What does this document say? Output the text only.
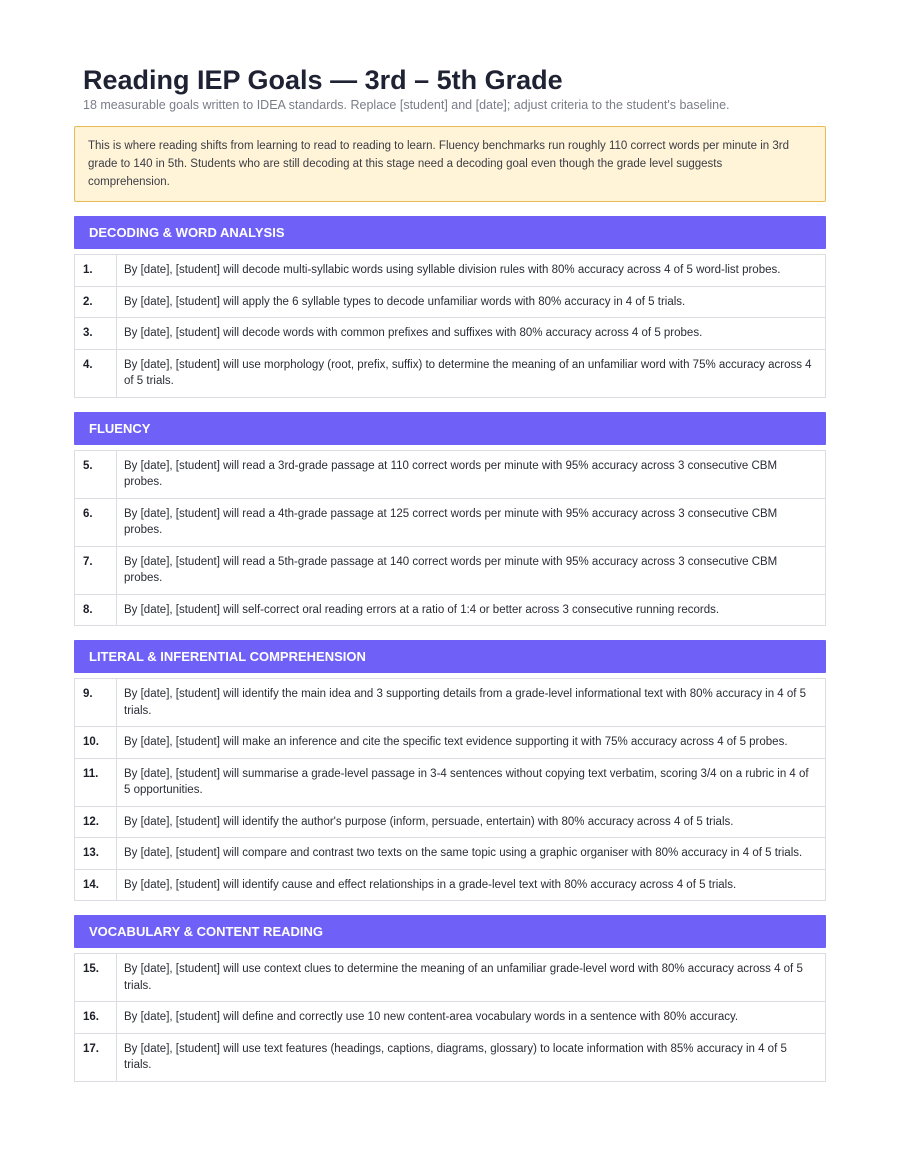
Reading IEP Goals — 3rd – 5th Grade
18 measurable goals written to IDEA standards. Replace [student] and [date]; adjust criteria to the student's baseline.
This is where reading shifts from learning to read to reading to learn. Fluency benchmarks run roughly 110 correct words per minute in 3rd grade to 140 in 5th. Students who are still decoding at this stage need a decoding goal even though the grade level suggests comprehension.
DECODING & WORD ANALYSIS
1.	By [date], [student] will decode multi-syllabic words using syllable division rules with 80% accuracy across 4 of 5 word-list probes.
2.	By [date], [student] will apply the 6 syllable types to decode unfamiliar words with 80% accuracy in 4 of 5 trials.
3.	By [date], [student] will decode words with common prefixes and suffixes with 80% accuracy across 4 of 5 probes.
4.	By [date], [student] will use morphology (root, prefix, suffix) to determine the meaning of an unfamiliar word with 75% accuracy across 4 of 5 trials.
FLUENCY
5.	By [date], [student] will read a 3rd-grade passage at 110 correct words per minute with 95% accuracy across 3 consecutive CBM probes.
6.	By [date], [student] will read a 4th-grade passage at 125 correct words per minute with 95% accuracy across 3 consecutive CBM probes.
7.	By [date], [student] will read a 5th-grade passage at 140 correct words per minute with 95% accuracy across 3 consecutive CBM probes.
8.	By [date], [student] will self-correct oral reading errors at a ratio of 1:4 or better across 3 consecutive running records.
LITERAL & INFERENTIAL COMPREHENSION
9.	By [date], [student] will identify the main idea and 3 supporting details from a grade-level informational text with 80% accuracy in 4 of 5 trials.
10.	By [date], [student] will make an inference and cite the specific text evidence supporting it with 75% accuracy across 4 of 5 probes.
11.	By [date], [student] will summarise a grade-level passage in 3-4 sentences without copying text verbatim, scoring 3/4 on a rubric in 4 of 5 opportunities.
12.	By [date], [student] will identify the author's purpose (inform, persuade, entertain) with 80% accuracy across 4 of 5 trials.
13.	By [date], [student] will compare and contrast two texts on the same topic using a graphic organiser with 80% accuracy in 4 of 5 trials.
14.	By [date], [student] will identify cause and effect relationships in a grade-level text with 80% accuracy across 4 of 5 trials.
VOCABULARY & CONTENT READING
15.	By [date], [student] will use context clues to determine the meaning of an unfamiliar grade-level word with 80% accuracy across 4 of 5 trials.
16.	By [date], [student] will define and correctly use 10 new content-area vocabulary words in a sentence with 80% accuracy.
17.	By [date], [student] will use text features (headings, captions, diagrams, glossary) to locate information with 85% accuracy in 4 of 5 trials.
